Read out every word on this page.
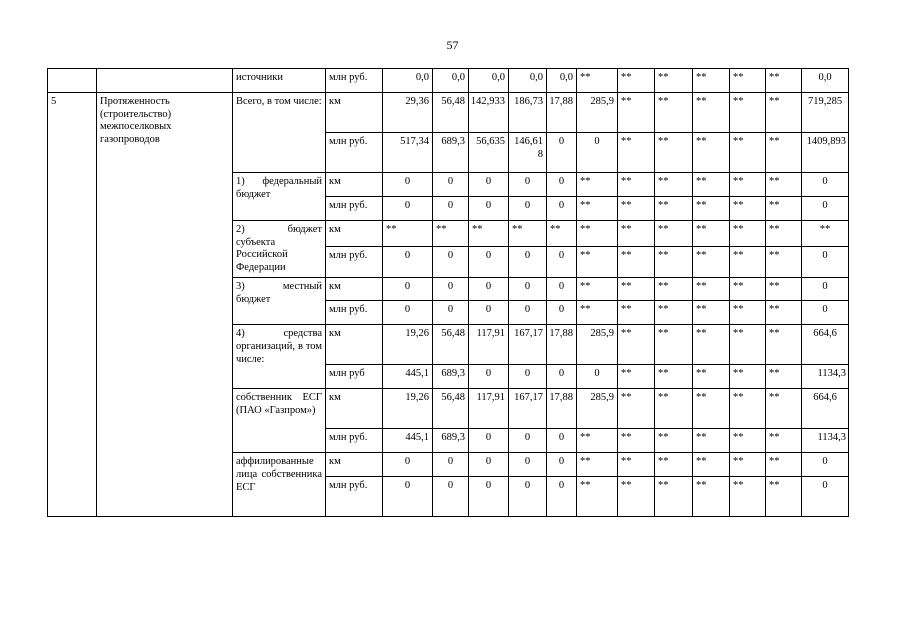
57
		источники	млн руб.	0,0	0,0	0,0	0,0	0,0	**	**	**	**	**	**	0,0
5	Протяженность (строительство) межпоселковых газопроводов	Всего, в том числе:	км	29,36	56,48	142,933	186,73	17,88	285,9	**	**	**	**	**	719,285
			млн руб.	517,34	689,3	56,635	146,618	0	0	**	**	**	**	**	1409,893
		1) федеральный бюджет	км	0	0	0	0	0	**	**	**	**	**	**	0
			млн руб.	0	0	0	0	0	**	**	**	**	**	**	0
		2) бюджет субъекта Российской Федерации	км	**	**	**	**	**	**	**	**	**	**	**	**
			млн руб.	0	0	0	0	0	**	**	**	**	**	**	0
		3) местный бюджет	км	0	0	0	0	0	**	**	**	**	**	**	0
			млн руб.	0	0	0	0	0	**	**	**	**	**	**	0
		4) средства организаций, в том числе:	км	19,26	56,48	117,91	167,17	17,88	285,9	**	**	**	**	**	664,6
			млн руб	445,1	689,3	0	0	0	0	**	**	**	**	**	1134,3
		собственник ЕСГ (ПАО «Газпром»)	км	19,26	56,48	117,91	167,17	17,88	285,9	**	**	**	**	**	664,6
			млн руб.	445,1	689,3	0	0	0	**	**	**	**	**	**	1134,3
		аффилированные лица собственника ЕСГ	км	0	0	0	0	0	**	**	**	**	**	**	0
			млн руб.	0	0	0	0	0	**	**	**	**	**	**	0
